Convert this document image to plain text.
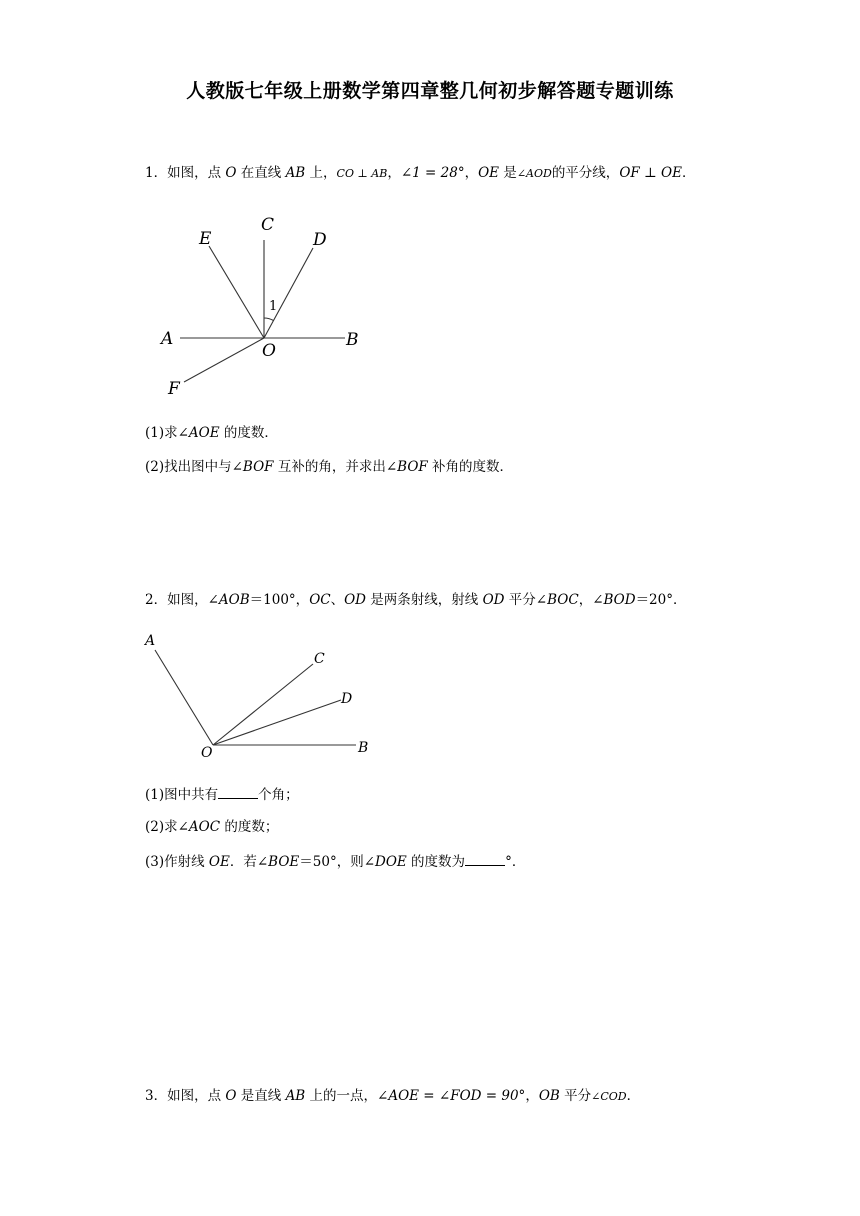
人教版七年级上册数学第四章整几何初步解答题专题训练
1．如图，点 O 在直线 AB 上，CO ⊥ AB，∠1 = 28°，OE 是∠AOD的平分线，OF ⊥ OE．
E
C
D
A
O
B
F
1
(1)求∠AOE 的度数．
(2)找出图中与∠BOF 互补的角，并求出∠BOF 补角的度数．
2．如图，∠AOB＝100°，OC、OD 是两条射线，射线 OD 平分∠BOC，∠BOD＝20°．
A
C
D
O	B
(1)图中共有	个角；
(2)求∠AOC 的度数；
(3)作射线 OE．若∠BOE＝50°，则∠DOE 的度数为	°．
3．如图，点 O 是直线 AB 上的一点，∠AOE = ∠FOD = 90°，OB 平分∠COD．
